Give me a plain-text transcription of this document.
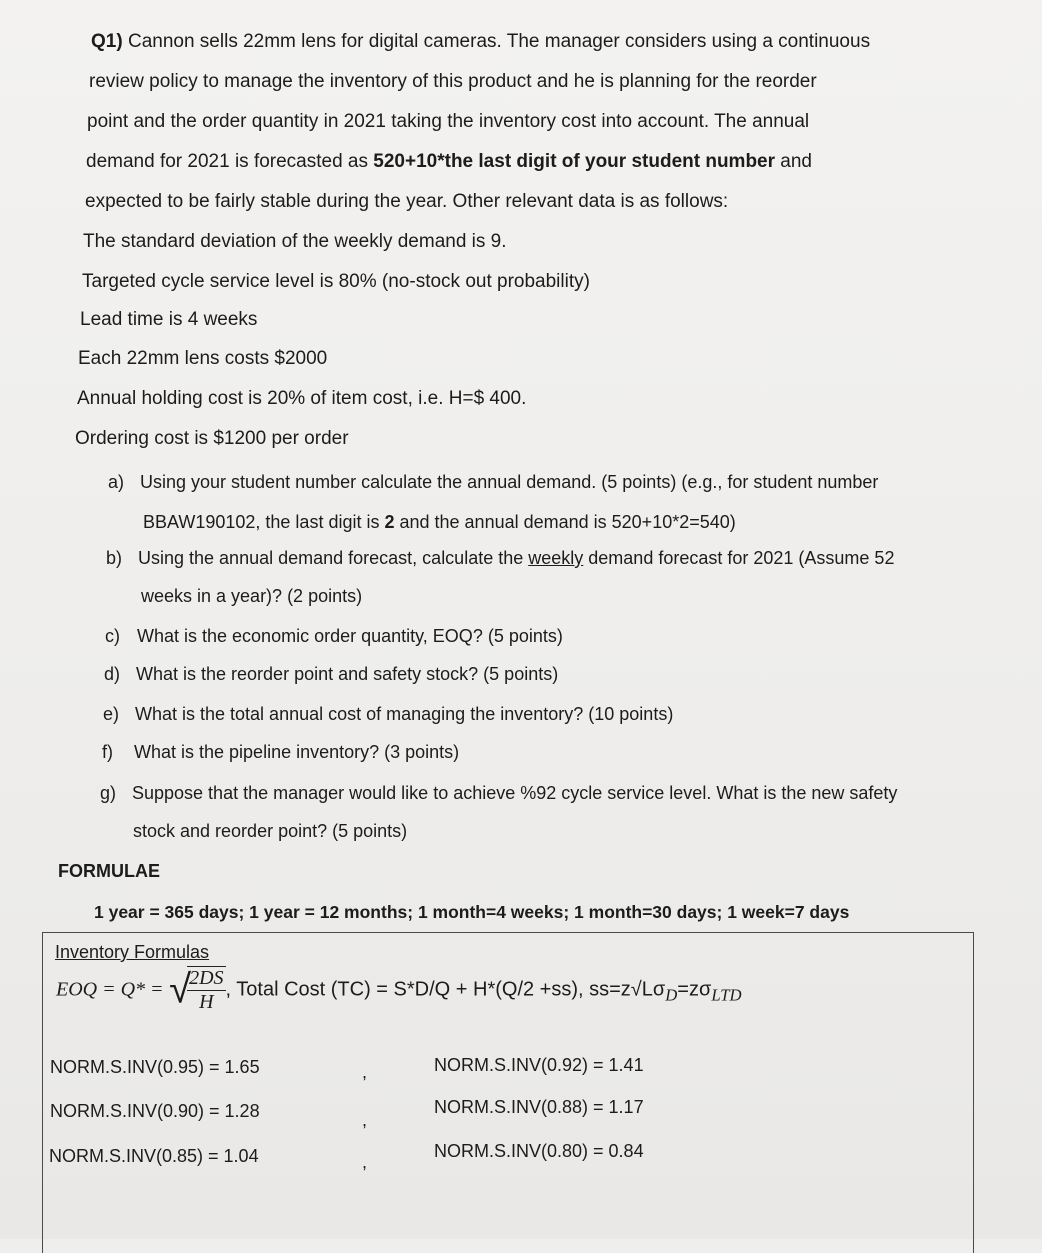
Q1) Cannon sells 22mm lens for digital cameras. The manager considers using a continuous
review policy to manage the inventory of this product and he is planning for the reorder
point and the order quantity in 2021 taking the inventory cost into account. The annual
demand for 2021 is forecasted as 520+10*the last digit of your student number and
expected to be fairly stable during the year. Other relevant data is as follows:
The standard deviation of the weekly demand is 9.
Targeted cycle service level is 80% (no-stock out probability)
Lead time is 4 weeks
Each 22mm lens costs $2000
Annual holding cost is 20% of item cost, i.e. H=$ 400.
Ordering cost is $1200 per order
a) Using your student number calculate the annual demand. (5 points) (e.g., for student number
BBAW190102, the last digit is 2 and the annual demand is 520+10*2=540)
b) Using the annual demand forecast, calculate the weekly demand forecast for 2021 (Assume 52
weeks in a year)? (2 points)
c) What is the economic order quantity, EOQ? (5 points)
d) What is the reorder point and safety stock? (5 points)
e) What is the total annual cost of managing the inventory? (10 points)
f) What is the pipeline inventory? (3 points)
g) Suppose that the manager would like to achieve %92 cycle service level. What is the new safety
stock and reorder point? (5 points)
FORMULAE
1 year = 365 days; 1 year = 12 months; 1 month=4 weeks; 1 month=30 days; 1 week=7 days
Inventory Formulas
EOQ = Q* = √
$\frac{2DS}{H}$ , Total Cost (TC) = S*D/Q + H*(Q/2 +ss), $ss=z√L\sigma_D=z\sigma_{LTD}$
NORM.S.INV(0.95) = 1.65
NORM.S.INV(0.90) = 1.28
NORM.S.INV(0.85) = 1.04
,
,
,
NORM.S.INV(0.92) = 1.41
NORM.S.INV(0.88) = 1.17
NORM.S.INV(0.80) = 0.84
